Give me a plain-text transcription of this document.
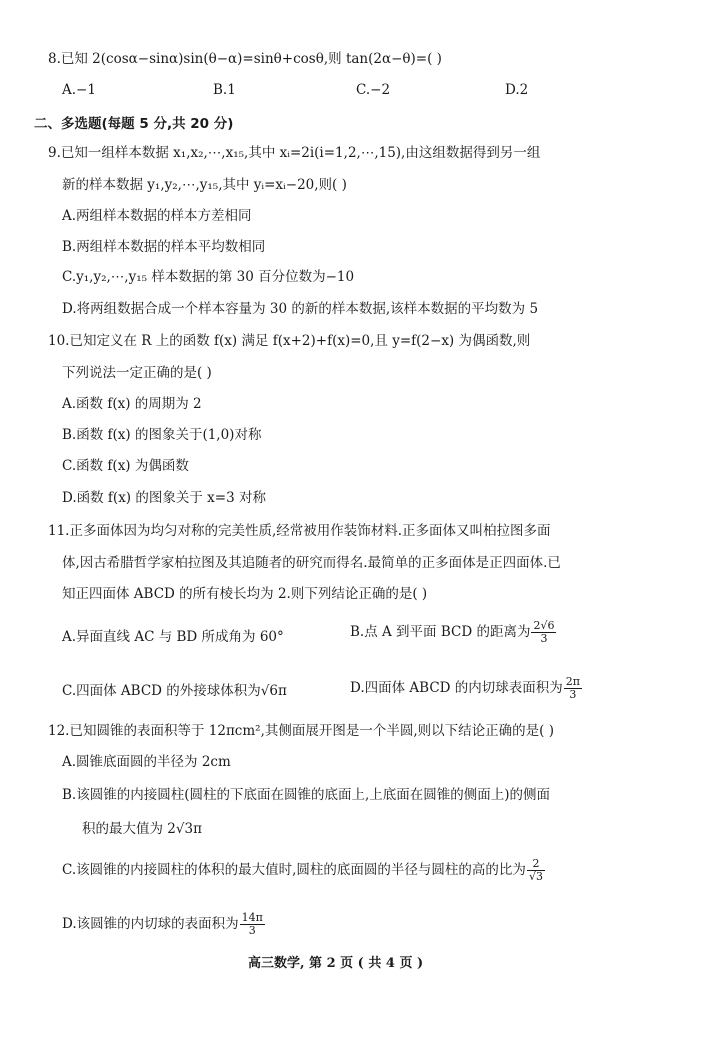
8.已知 2(cosα−sinα)sin(θ−α)=sinθ+cosθ,则 tan(2α−θ)=( )
A.−1	B.1	C.−2	D.2
二、多选题(每题 5 分,共 20 分)
9.已知一组样本数据 x₁,x₂,⋯,x₁₅,其中 xᵢ=2i(i=1,2,⋯,15),由这组数据得到另一组
新的样本数据 y₁,y₂,⋯,y₁₅,其中 yᵢ=xᵢ−20,则( )
A.两组样本数据的样本方差相同
B.两组样本数据的样本平均数相同
C.y₁,y₂,⋯,y₁₅ 样本数据的第 30 百分位数为−10
D.将两组数据合成一个样本容量为 30 的新的样本数据,该样本数据的平均数为 5
10.已知定义在 R 上的函数 f(x) 满足 f(x+2)+f(x)=0,且 y=f(2−x) 为偶函数,则
下列说法一定正确的是( )
A.函数 f(x) 的周期为 2
B.函数 f(x) 的图象关于(1,0)对称
C.函数 f(x) 为偶函数
D.函数 f(x) 的图象关于 x=3 对称
11.正多面体因为均匀对称的完美性质,经常被用作装饰材料.正多面体又叫柏拉图多面
体,因古希腊哲学家柏拉图及其追随者的研究而得名.最简单的正多面体是正四面体.已
知正四面体 ABCD 的所有棱长均为 2.则下列结论正确的是( )
A.异面直线 AC 与 BD 所成角为 60°	B.点 A 到平面 BCD 的距离为 $\frac{2√6}{3}$
C.四面体 ABCD 的外接球体积为√6π	D.四面体 ABCD 的内切球表面积为 $\frac{2\pi}{3}$
12.已知圆锥的表面积等于 12πcm²,其侧面展开图是一个半圆,则以下结论正确的是( )
A.圆锥底面圆的半径为 2cm
B.该圆锥的内接圆柱(圆柱的下底面在圆锥的底面上,上底面在圆锥的侧面上)的侧面
积的最大值为 2√3π
C.该圆锥的内接圆柱的体积的最大值时,圆柱的底面圆的半径与圆柱的高的比为 $\frac{2}{√3}$
D.该圆锥的内切球的表面积为 $\frac{14\pi}{3}$
高三数学, 第 2 页 ( 共 4 页 )
